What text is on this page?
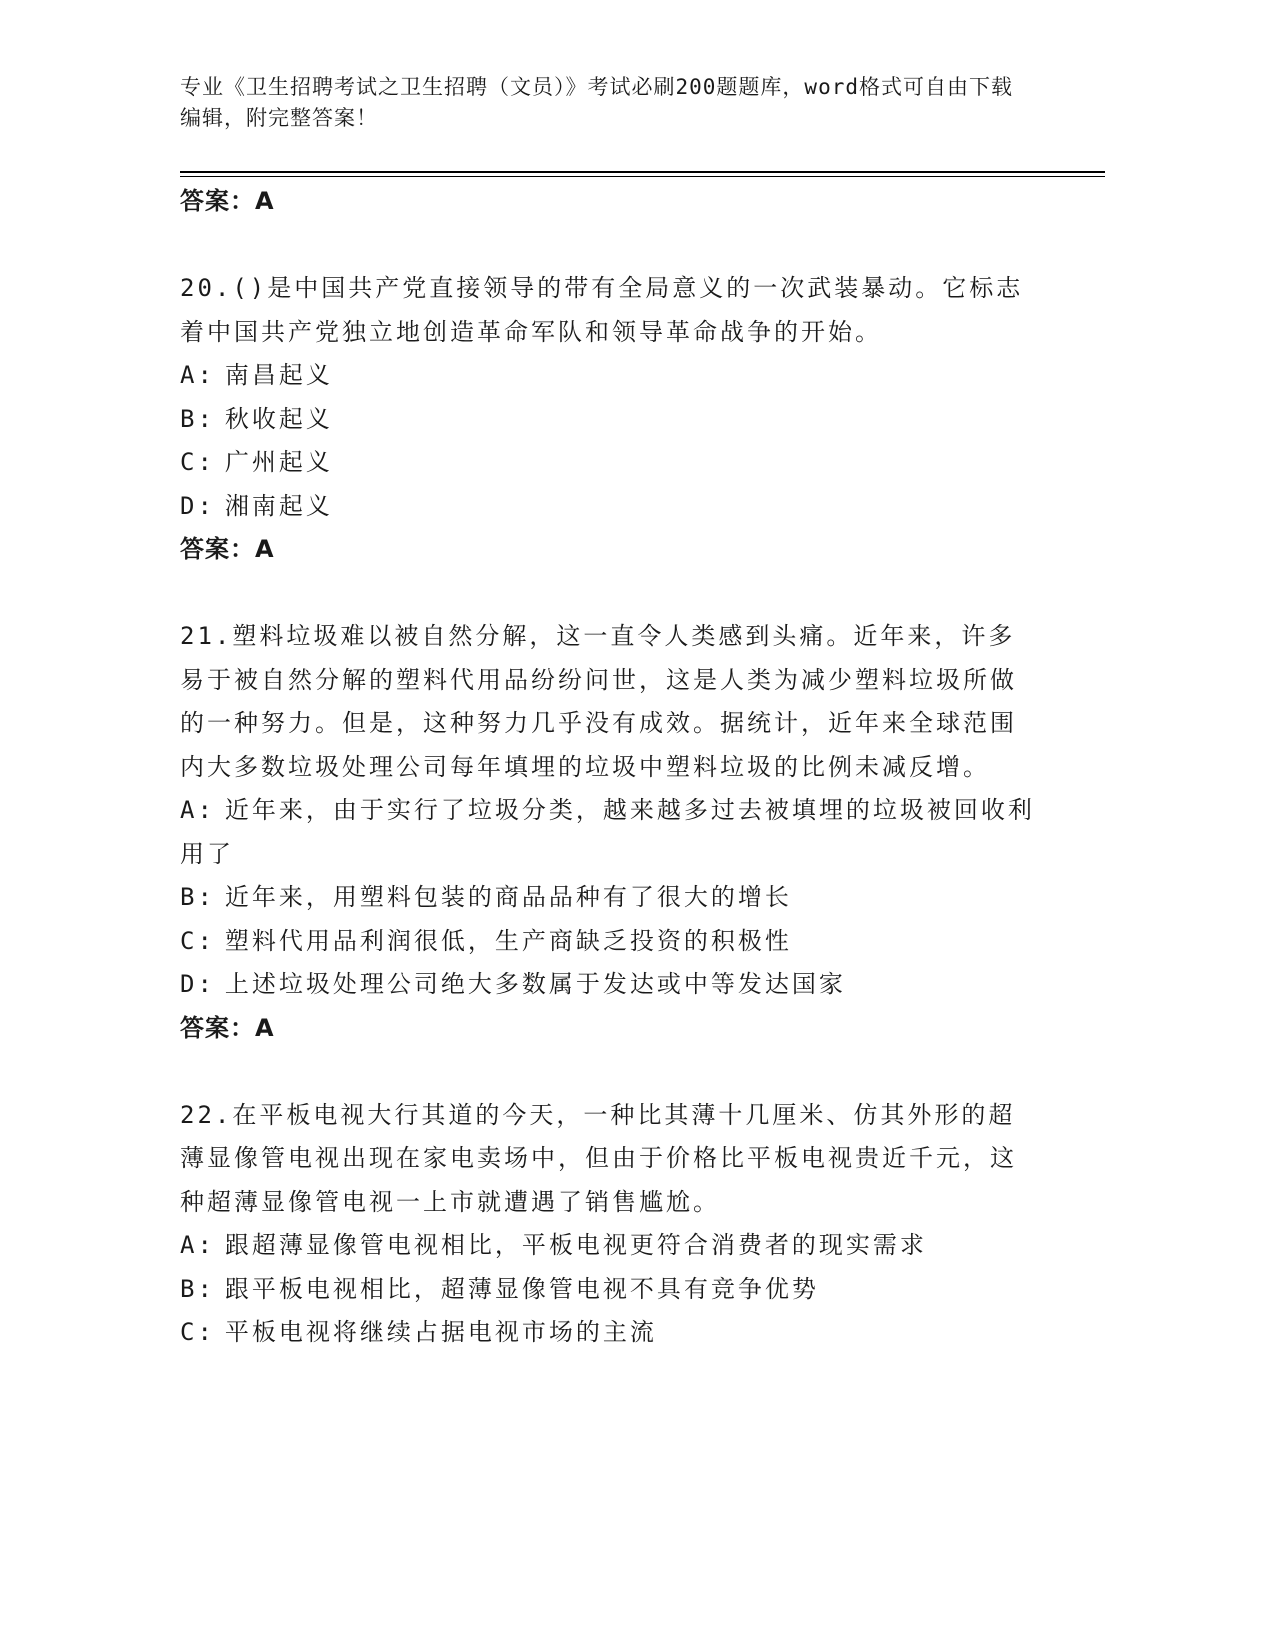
专业《卫生招聘考试之卫生招聘（文员）》考试必刷200题题库，word格式可自由下载编辑，附完整答案！
答案：A
20.()是中国共产党直接领导的带有全局意义的一次武装暴动。它标志着中国共产党独立地创造革命军队和领导革命战争的开始。
A: 南昌起义
B: 秋收起义
C: 广州起义
D: 湘南起义
答案：A
21.塑料垃圾难以被自然分解，这一直令人类感到头痛。近年来，许多易于被自然分解的塑料代用品纷纷问世，这是人类为减少塑料垃圾所做的一种努力。但是，这种努力几乎没有成效。据统计，近年来全球范围内大多数垃圾处理公司每年填埋的垃圾中塑料垃圾的比例未减反增。
A: 近年来，由于实行了垃圾分类，越来越多过去被填埋的垃圾被回收利用了
B: 近年来，用塑料包装的商品品种有了很大的增长
C: 塑料代用品利润很低，生产商缺乏投资的积极性
D: 上述垃圾处理公司绝大多数属于发达或中等发达国家
答案：A
22.在平板电视大行其道的今天，一种比其薄十几厘米、仿其外形的超薄显像管电视出现在家电卖场中，但由于价格比平板电视贵近千元，这种超薄显像管电视一上市就遭遇了销售尴尬。
A: 跟超薄显像管电视相比，平板电视更符合消费者的现实需求
B: 跟平板电视相比，超薄显像管电视不具有竞争优势
C: 平板电视将继续占据电视市场的主流
